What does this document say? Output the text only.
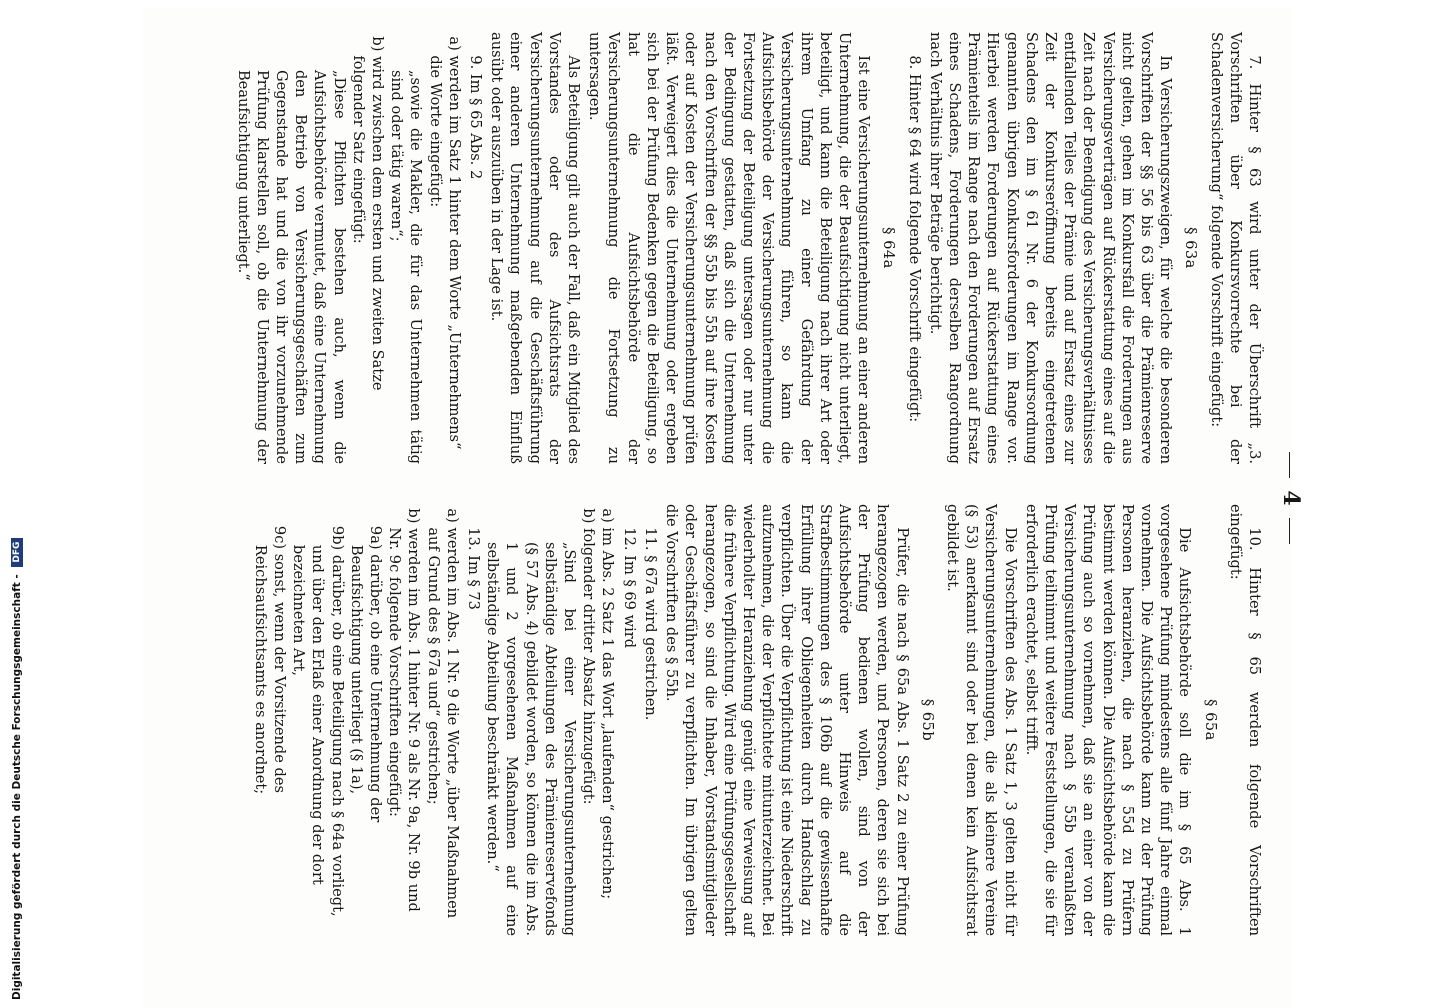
Digitalisierung gefördert durch die Deutsche Forschungsgemeinschaft - DFG
4
7. Hinter § 63 wird unter der Überschrift „3. Vorschriften über Konkursvorrechte bei der Schadenversicherung“ folgende Vorschrift eingefügt:
§ 63a
In Versicherungszweigen, für welche die besonderen Vorschriften der §§ 56 bis 63 über die Prämienreserve nicht gelten, gehen im Konkursfall die Forderungen aus Versicherungsverträgen auf Rückerstattung eines auf die Zeit nach der Beendigung des Versicherungsverhältnisses entfallenden Teiles der Prämie und auf Ersatz eines zur Zeit der Konkurseröffnung bereits eingetretenen Schadens den im § 61 Nr. 6 der Konkursordnung genannten übrigen Konkursforderungen im Range vor. Hierbei werden Forderungen auf Rückerstattung eines Prämienteils im Range nach den Forderungen auf Ersatz eines Schadens, Forderungen derselben Rangordnung nach Verhältnis ihrer Beträge berichtigt.
8. Hinter § 64 wird folgende Vorschrift eingefügt:
§ 64a
Ist eine Versicherungsunternehmung an einer anderen Unternehmung, die der Beaufsichtigung nicht unterliegt, beteiligt, und kann die Beteiligung nach ihrer Art oder ihrem Umfang zu einer Gefährdung der Versicherungsunternehmung führen, so kann die Aufsichtsbehörde der Versicherungsunternehmung die Fortsetzung der Beteiligung untersagen oder nur unter der Bedingung gestatten, daß sich die Unternehmung nach den Vorschriften der §§ 55b bis 55h auf ihre Kosten oder auf Kosten der Versicherungsunternehmung prüfen läßt. Verweigert dies die Unternehmung oder ergeben sich bei der Prüfung Bedenken gegen die Beteiligung, so hat die Aufsichtsbehörde der Versicherungsunternehmung die Fortsetzung zu untersagen.
Als Beteiligung gilt auch der Fall, daß ein Mitglied des Vorstandes oder des Aufsichtsrats der Versicherungsunternehmung auf die Geschäftsführung einer anderen Unternehmung maßgebenden Einfluß ausübt oder auszuüben in der Lage ist.
9. Im § 65 Abs. 2
a) werden im Satz 1 hinter dem Worte „Unternehmens“ die Worte eingefügt:
„sowie die Makler, die für das Unternehmen tätig sind oder tätig waren“;
b) wird zwischen dem ersten und zweiten Satze folgender Satz eingefügt:
„Diese Pflichten bestehen auch, wenn die Aufsichtsbehörde vermutet, daß eine Unternehmung den Betrieb von Versicherungsgeschäften zum Gegenstande hat und die von ihr vorzunehmende Prüfung klarstellen soll, ob die Unternehmung der Beaufsichtigung unterliegt.“
10. Hinter § 65 werden folgende Vorschriften eingefügt:
§ 65a
Die Aufsichtsbehörde soll die im § 65 Abs. 1 vorgesehene Prüfung mindestens alle fünf Jahre einmal vornehmen. Die Aufsichtsbehörde kann zu der Prüfung Personen heranziehen, die nach § 55d zu Prüfern bestimmt werden können. Die Aufsichtsbehörde kann die Prüfung auch so vornehmen, daß sie an einer von der Versicherungsunternehmung nach § 55b veranlaßten Prüfung teilnimmt und weitere Feststellungen, die sie für erforderlich erachtet, selbst trifft.
Die Vorschriften des Abs. 1 Satz 1, 3 gelten nicht für Versicherungsunternehmungen, die als kleinere Vereine (§ 53) anerkannt sind oder bei denen kein Aufsichtsrat gebildet ist.
§ 65b
Prüfer, die nach § 65a Abs. 1 Satz 2 zu einer Prüfung herangezogen werden, und Personen, deren sie sich bei der Prüfung bedienen wollen, sind von der Aufsichtsbehörde unter Hinweis auf die Strafbestimmungen des § 106b auf die gewissenhafte Erfüllung ihrer Obliegenheiten durch Handschlag zu verpflichten. Über die Verpflichtung ist eine Niederschrift aufzunehmen, die der Verpflichtete mitunterzeichnet. Bei wiederholter Heranziehung genügt eine Verweisung auf die frühere Verpflichtung. Wird eine Prüfungsgesellschaft herangezogen, so sind die Inhaber, Vorstandsmitglieder oder Geschäftsführer zu verpflichten. Im übrigen gelten die Vorschriften des § 55h.
11. § 67a wird gestrichen.
12. Im § 69 wird
a) im Abs. 2 Satz 1 das Wort „laufenden“ gestrichen;
b) folgender dritter Absatz hinzugefügt:
„Sind bei einer Versicherungsunternehmung selbständige Abteilungen des Prämienreservefonds (§ 57 Abs. 4) gebildet worden, so können die im Abs. 1 und 2 vorgesehenen Maßnahmen auf eine selbständige Abteilung beschränkt werden.“
13. Im § 73
a) werden im Abs. 1 Nr. 9 die Worte „über Maßnahmen auf Grund des § 67a und“ gestrichen;
b) werden im Abs. 1 hinter Nr. 9 als Nr. 9a, Nr. 9b und Nr. 9c folgende Vorschriften eingefügt:
9a) darüber, ob eine Unternehmung der Beaufsichtigung unterliegt (§ 1a),
9b) darüber, ob eine Beteiligung nach § 64a vorliegt, und über den Erlaß einer Anordnung der dort bezeichneten Art,
9c) sonst, wenn der Vorsitzende des Reichsaufsichtsamts es anordnet;
